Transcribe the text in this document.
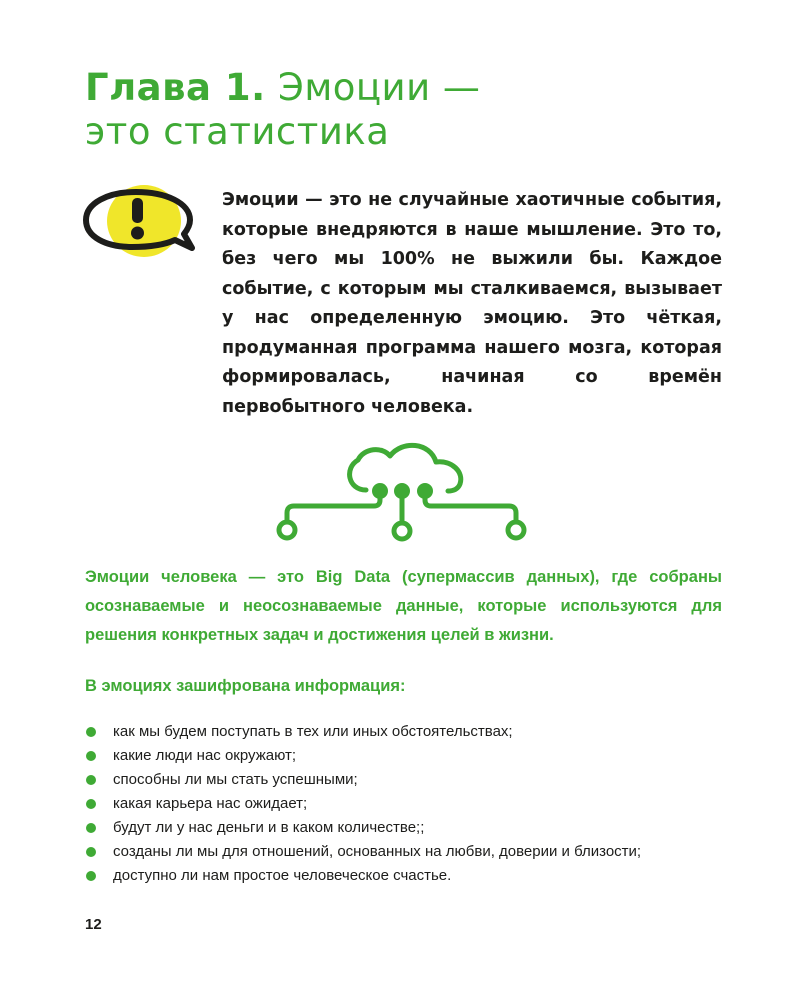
Глава 1. Эмоции —
это статистика

Эмоции — это не случайные хаотичные события, которые внедряются в наше мышление. Это то, без чего мы 100% не выжили бы. Каждое событие, с которым мы сталкиваемся, вызывает у нас определенную эмоцию. Это чёткая, продуманная программа нашего мозга, которая формировалась, начиная со времён первобытного человека.

Эмоции человека — это Big Data (супермассив данных), где собраны осознаваемые и неосознаваемые данные, которые используются для решения конкретных задач и достижения целей в жизни.

В эмоциях зашифрована информация:
как мы будем поступать в тех или иных обстоятельствах;
какие люди нас окружают;
способны ли мы стать успешными;
какая карьера нас ожидает;
будут ли у нас деньги и в каком количестве;;
созданы ли мы для отношений, основанных на любви, доверии и близости;
доступно ли нам простое человеческое счастье.
12
